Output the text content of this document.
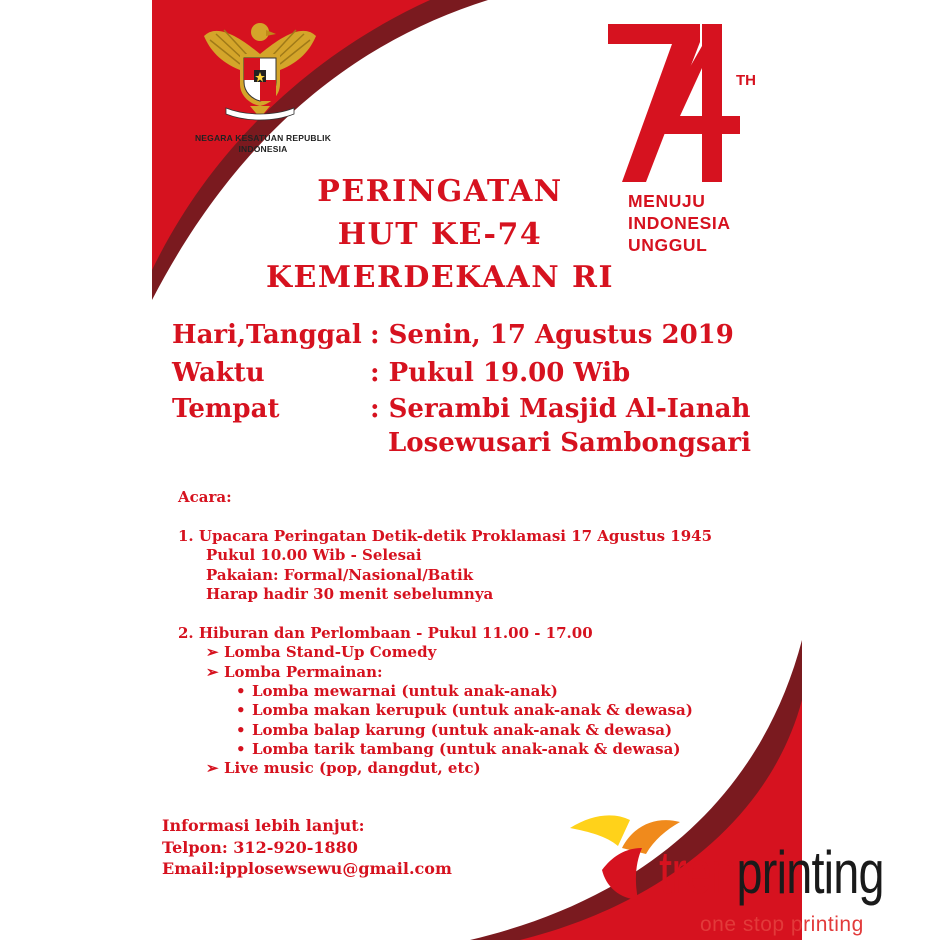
NEGARA KESATUAN REPUBLIK
INDONESIA
TH
MENUJU
INDONESIA
UNGGUL
PERINGATAN
HUT KE-74
KEMERDEKAAN RI
Hari,Tanggal : Senin, 17 Agustus 2019
Waktu	: Pukul 19.00 Wib
Tempat	: Serambi Masjid Al-Ianah
Losewusari Sambongsari
Acara:
1. Upacara Peringatan Detik-detik Proklamasi 17 Agustus 1945
Pukul 10.00 Wib - Selesai
Pakaian: Formal/Nasional/Batik
Harap hadir 30 menit sebelumnya
2. Hiburan dan Perlombaan - Pukul 11.00 - 17.00
➢ Lomba Stand-Up Comedy
➢ Lomba Permainan:
• Lomba mewarnai (untuk anak-anak)
• Lomba makan kerupuk (untuk anak-anak & dewasa)
• Lomba balap karung (untuk anak-anak & dewasa)
• Lomba tarik tambang (untuk anak-anak & dewasa)
➢ Live music (pop, dangdut, etc)
Informasi lebih lanjut:
Telpon: 312-920-1880
Email:ipplosewsewu@gmail.com	trenprinting
one stop printing
